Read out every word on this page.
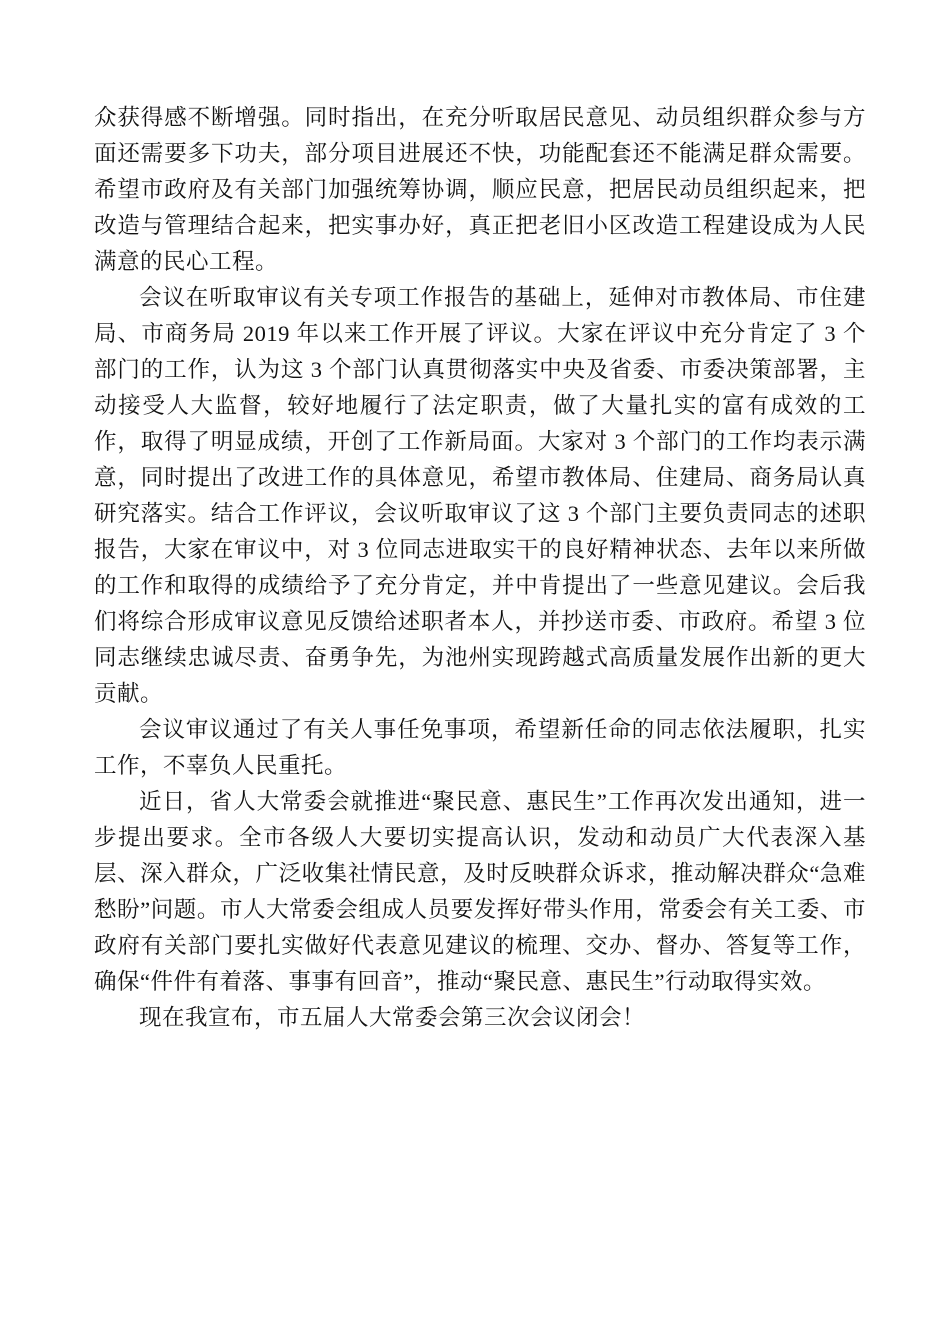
众获得感不断增强。同时指出，在充分听取居民意见、动员组织群众参与方面还需要多下功夫，部分项目进展还不快，功能配套还不能满足群众需要。希望市政府及有关部门加强统筹协调，顺应民意，把居民动员组织起来，把改造与管理结合起来，把实事办好，真正把老旧小区改造工程建设成为人民满意的民心工程。

会议在听取审议有关专项工作报告的基础上，延伸对市教体局、市住建局、市商务局 2019 年以来工作开展了评议。大家在评议中充分肯定了 3 个部门的工作，认为这 3 个部门认真贯彻落实中央及省委、市委决策部署，主动接受人大监督，较好地履行了法定职责，做了大量扎实的富有成效的工作，取得了明显成绩，开创了工作新局面。大家对 3 个部门的工作均表示满意，同时提出了改进工作的具体意见，希望市教体局、住建局、商务局认真研究落实。结合工作评议，会议听取审议了这 3 个部门主要负责同志的述职报告，大家在审议中，对 3 位同志进取实干的良好精神状态、去年以来所做的工作和取得的成绩给予了充分肯定，并中肯提出了一些意见建议。会后我们将综合形成审议意见反馈给述职者本人，并抄送市委、市政府。希望 3 位同志继续忠诚尽责、奋勇争先，为池州实现跨越式高质量发展作出新的更大贡献。

会议审议通过了有关人事任免事项，希望新任命的同志依法履职，扎实工作，不辜负人民重托。

近日，省人大常委会就推进“聚民意、惠民生”工作再次发出通知，进一步提出要求。全市各级人大要切实提高认识，发动和动员广大代表深入基层、深入群众，广泛收集社情民意，及时反映群众诉求，推动解决群众“急难愁盼”问题。市人大常委会组成人员要发挥好带头作用，常委会有关工委、市政府有关部门要扎实做好代表意见建议的梳理、交办、督办、答复等工作，确保“件件有着落、事事有回音”，推动“聚民意、惠民生”行动取得实效。

现在我宣布，市五届人大常委会第三次会议闭会！
